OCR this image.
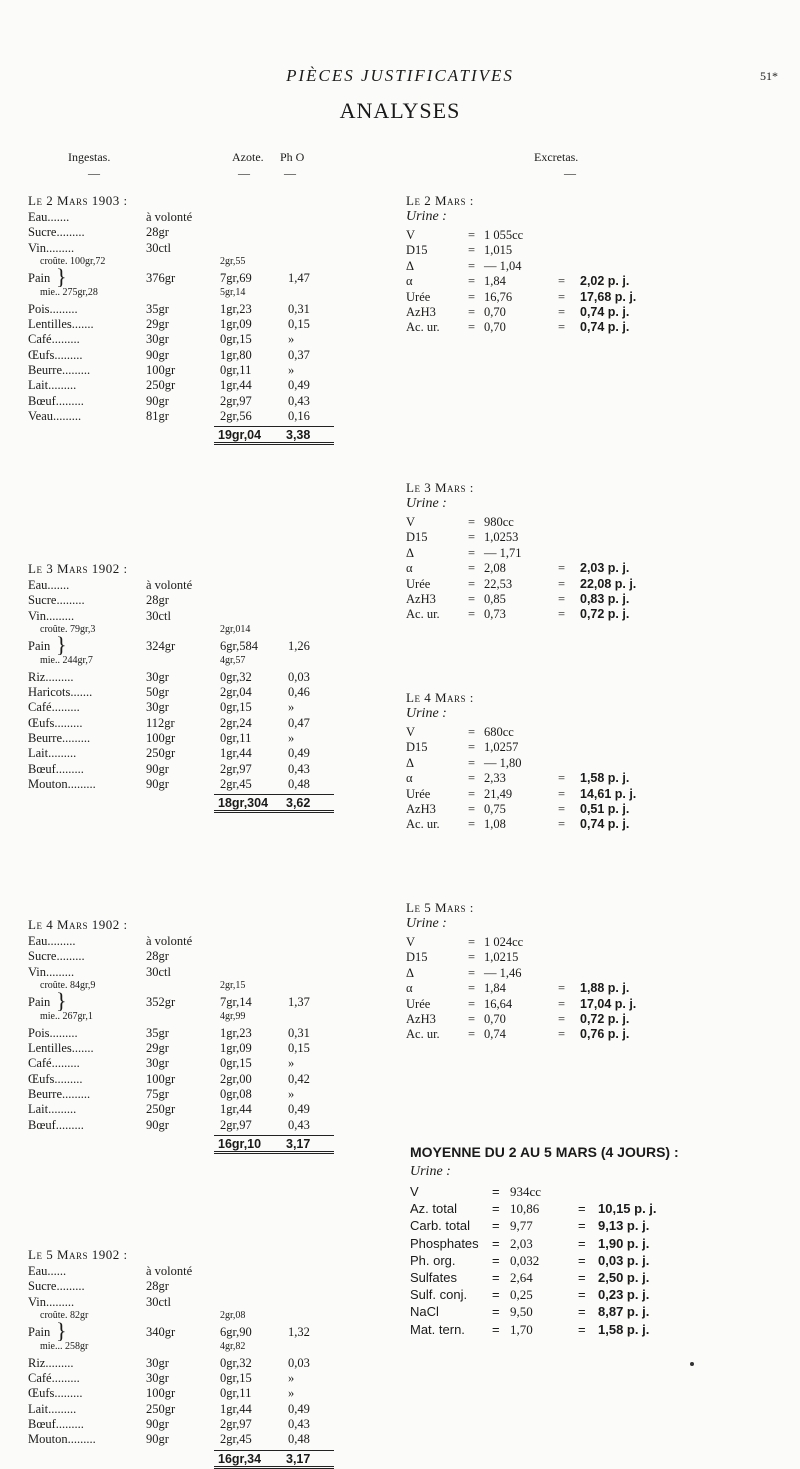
PIÈCES JUSTIFICATIVES	51*
ANALYSES
Ingestas.	Azote. Ph O	Excretas.
—	—	—	—
Le 2 Mars 1903 :
Eau.......	à volonté
Sucre.........	28gr
Vin.........	30ctl
croûte. 100gr,72	2gr,55
Pain	376gr	7gr,69	1,47
}
mie.. 275gr,28	5gr,14
Pois.........	35gr	1gr,23	0,31
Lentilles.......	29gr	1gr,09	0,15
Café.........	30gr	0gr,15	»
Œufs.........	90gr	1gr,80	0,37
Beurre.........	100gr	0gr,11	»
Lait.........	250gr	1gr,44	0,49
Bœuf.........	90gr	2gr,97	0,43
Veau.........	81gr	2gr,56	0,16
19gr,04 3,38
Le 3 Mars 1902 :
Eau.......	à volonté
Sucre.........	28gr
Vin.........	30ctl
croûte. 79gr,3	2gr,014
Pain	324gr	6gr,584 1,26
}
mie.. 244gr,7	4gr,57
Riz.........	30gr	0gr,32	0,03
Haricots.......	50gr	2gr,04	0,46
Café.........	30gr	0gr,15	»
Œufs.........	112gr	2gr,24	0,47
Beurre.........	100gr	0gr,11	»
Lait.........	250gr	1gr,44	0,49
Bœuf.........	90gr	2gr,97	0,43
Mouton.........	90gr	2gr,45	0,48
18gr,304 3,62
Le 4 Mars 1902 :
Eau.........	à volonté
Sucre.........	28gr
Vin.........	30ctl
croûte. 84gr,9	2gr,15
Pain	352gr	7gr,14	1,37
}
mie.. 267gr,1	4gr,99
Pois.........	35gr	1gr,23	0,31
Lentilles.......	29gr	1gr,09	0,15
Café.........	30gr	0gr,15	»
Œufs.........	100gr	2gr,00	0,42
Beurre.........	75gr	0gr,08	»
Lait.........	250gr	1gr,44	0,49
Bœuf.........	90gr	2gr,97	0,43
16gr,10 3,17
Le 5 Mars 1902 :
Eau......	à volonté
Sucre.........	28gr
Vin.........	30ctl
croûte. 82gr	2gr,08
Pain	340gr	6gr,90	1,32
}
mie... 258gr	4gr,82
Riz.........	30gr	0gr,32	0,03
Café.........	30gr	0gr,15	»
Œufs.........	100gr	0gr,11	»
Lait.........	250gr	1gr,44	0,49
Bœuf.........	90gr	2gr,97	0,43
Mouton.........	90gr	2gr,45	0,48
16gr,34 3,17
Le 2 Mars :
Urine :
V	= 1 055cc
D15	= 1,015
Δ	= — 1,04
α	= 1,84	= 2,02 p. j.
Urée	= 16,76	= 17,68 p. j.
AzH3	= 0,70	= 0,74 p. j.
Ac. ur. = 0,70	= 0,74 p. j.
Le 3 Mars :
Urine :
V	= 980cc
D15	= 1,0253
Δ	= — 1,71
α	= 2,08	= 2,03 p. j.
Urée	= 22,53	= 22,08 p. j.
AzH3	= 0,85	= 0,83 p. j.
Ac. ur. = 0,73	= 0,72 p. j.
Le 4 Mars :
Urine :
V	= 680cc
D15	= 1,0257
Δ	= — 1,80
α	= 2,33	= 1,58 p. j.
Urée	= 21,49	= 14,61 p. j.
AzH3	= 0,75	= 0,51 p. j.
Ac. ur. = 1,08	= 0,74 p. j.
Le 5 Mars :
Urine :
V	= 1 024cc
D15	= 1,0215
Δ	= — 1,46
α	= 1,84	= 1,88 p. j.
Urée	= 16,64	= 17,04 p. j.
AzH3	= 0,70	= 0,72 p. j.
Ac. ur. = 0,74	= 0,76 p. j.
MOYENNE DU 2 AU 5 MARS (4 JOURS) :
Urine :
V	= 934cc
Az. total	= 10,86	= 10,15 p. j.
Carb. total = 9,77	= 9,13 p. j.
Phosphates = 2,03	= 1,90 p. j.
Ph. org.	= 0,032	= 0,03 p. j.
Sulfates	= 2,64	= 2,50 p. j.
Sulf. conj. = 0,25	= 0,23 p. j.
NaCl	= 9,50	= 8,87 p. j.
Mat. tern. = 1,70	= 1,58 p. j.
